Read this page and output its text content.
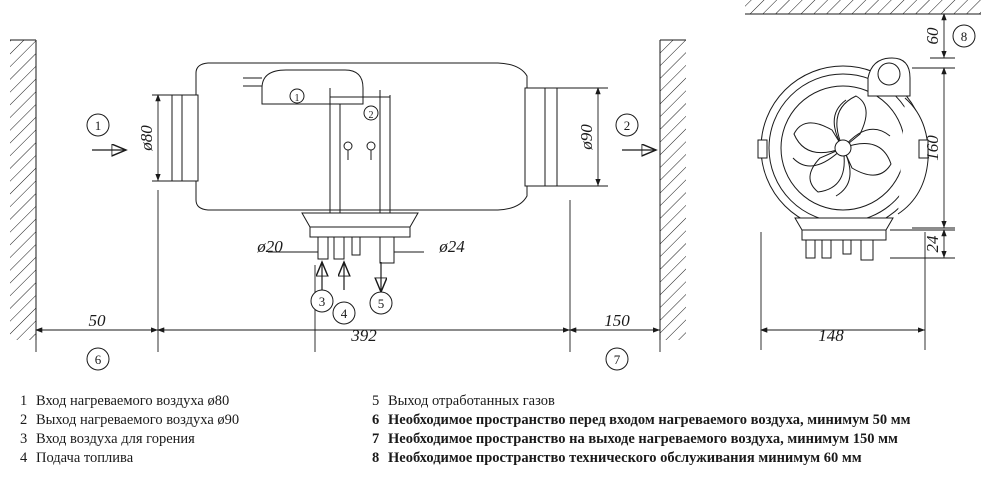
1	2
3
4
5
6	7
8
1
2
ø80	ø90
ø20	ø24
50
392
150
60
160
24
148
1 Вход нагреваемого воздуха ø80
2 Выход нагреваемого воздуха ø90
3 Вход воздуха для горения
4 Подача топлива
5 Выход отработанных газов
6 Необходимое пространство перед входом нагреваемого воздуха, минимум 50 мм
7 Необходимое пространство на выходе нагреваемого воздуха, минимум 150 мм
8 Необходимое пространство технического обслуживания минимум 60 мм
